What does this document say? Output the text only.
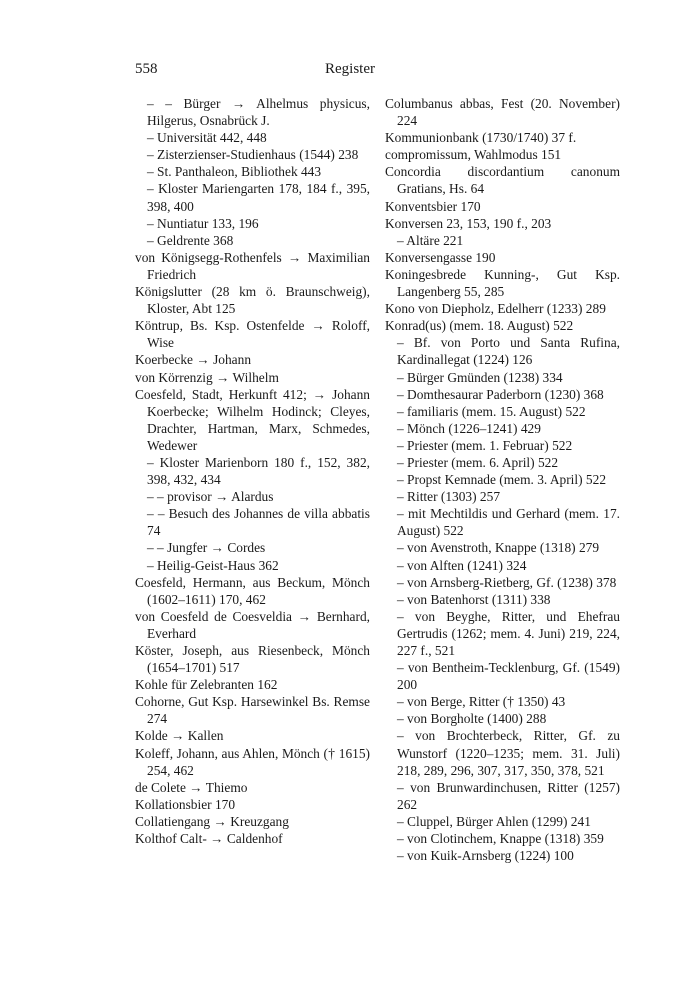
558	Register
– – Bürger → Alhelmus physicus, Hilgerus, Osnabrück J.
– Universität 442, 448
– Zisterzienser-Studienhaus (1544) 238
– St. Panthaleon, Bibliothek 443
– Kloster Mariengarten 178, 184 f., 395, 398, 400
– Nuntiatur 133, 196
– Geldrente 368
von Königsegg-Rothenfels → Maximilian Friedrich
Königslutter (28 km ö. Braunschweig), Kloster, Abt 125
Köntrup, Bs. Ksp. Ostenfelde → Roloff, Wise
Koerbecke → Johann
von Körrenzig → Wilhelm
Coesfeld, Stadt, Herkunft 412; → Johann Koerbecke; Wilhelm Hodinck; Cleyes, Drachter, Hartman, Marx, Schmedes, Wedewer
– Kloster Marienborn 180 f., 152, 382, 398, 432, 434
– – provisor → Alardus
– – Besuch des Johannes de villa abbatis 74
– – Jungfer → Cordes
– Heilig-Geist-Haus 362
Coesfeld, Hermann, aus Beckum, Mönch (1602–1611) 170, 462
von Coesfeld de Coesveldia → Bernhard, Everhard
Köster, Joseph, aus Riesenbeck, Mönch (1654–1701) 517
Kohle für Zelebranten 162
Cohorne, Gut Ksp. Harsewinkel Bs. Remse 274
Kolde → Kallen
Koleff, Johann, aus Ahlen, Mönch († 1615) 254, 462
de Colete → Thiemo
Kollationsbier 170
Collatiengang → Kreuzgang
Kolthof Calt- → Caldenhof
Columbanus abbas, Fest (20. November) 224
Kommunionbank (1730/1740) 37 f.
compromissum, Wahlmodus 151
Concordia discordantium canonum Gratians, Hs. 64
Konventsbier 170
Konversen 23, 153, 190 f., 203
– Altäre 221
Konversengasse 190
Koningesbrede Kunning-, Gut Ksp. Langenberg 55, 285
Kono von Diepholz, Edelherr (1233) 289
Konrad(us) (mem. 18. August) 522
– Bf. von Porto und Santa Rufina, Kardinallegat (1224) 126
– Bürger Gmünden (1238) 334
– Domthesaurar Paderborn (1230) 368
– familiaris (mem. 15. August) 522
– Mönch (1226–1241) 429
– Priester (mem. 1. Februar) 522
– Priester (mem. 6. April) 522
– Propst Kemnade (mem. 3. April) 522
– Ritter (1303) 257
– mit Mechtildis und Gerhard (mem. 17. August) 522
– von Avenstroth, Knappe (1318) 279
– von Alften (1241) 324
– von Arnsberg-Rietberg, Gf. (1238) 378
– von Batenhorst (1311) 338
– von Beyghe, Ritter, und Ehefrau Gertrudis (1262; mem. 4. Juni) 219, 224, 227 f., 521
– von Bentheim-Tecklenburg, Gf. (1549) 200
– von Berge, Ritter († 1350) 43
– von Borgholte (1400) 288
– von Brochterbeck, Ritter, Gf. zu Wunstorf (1220–1235; mem. 31. Juli) 218, 289, 296, 307, 317, 350, 378, 521
– von Brunwardinchusen, Ritter (1257) 262
– Cluppel, Bürger Ahlen (1299) 241
– von Clotinchem, Knappe (1318) 359
– von Kuik-Arnsberg (1224) 100
